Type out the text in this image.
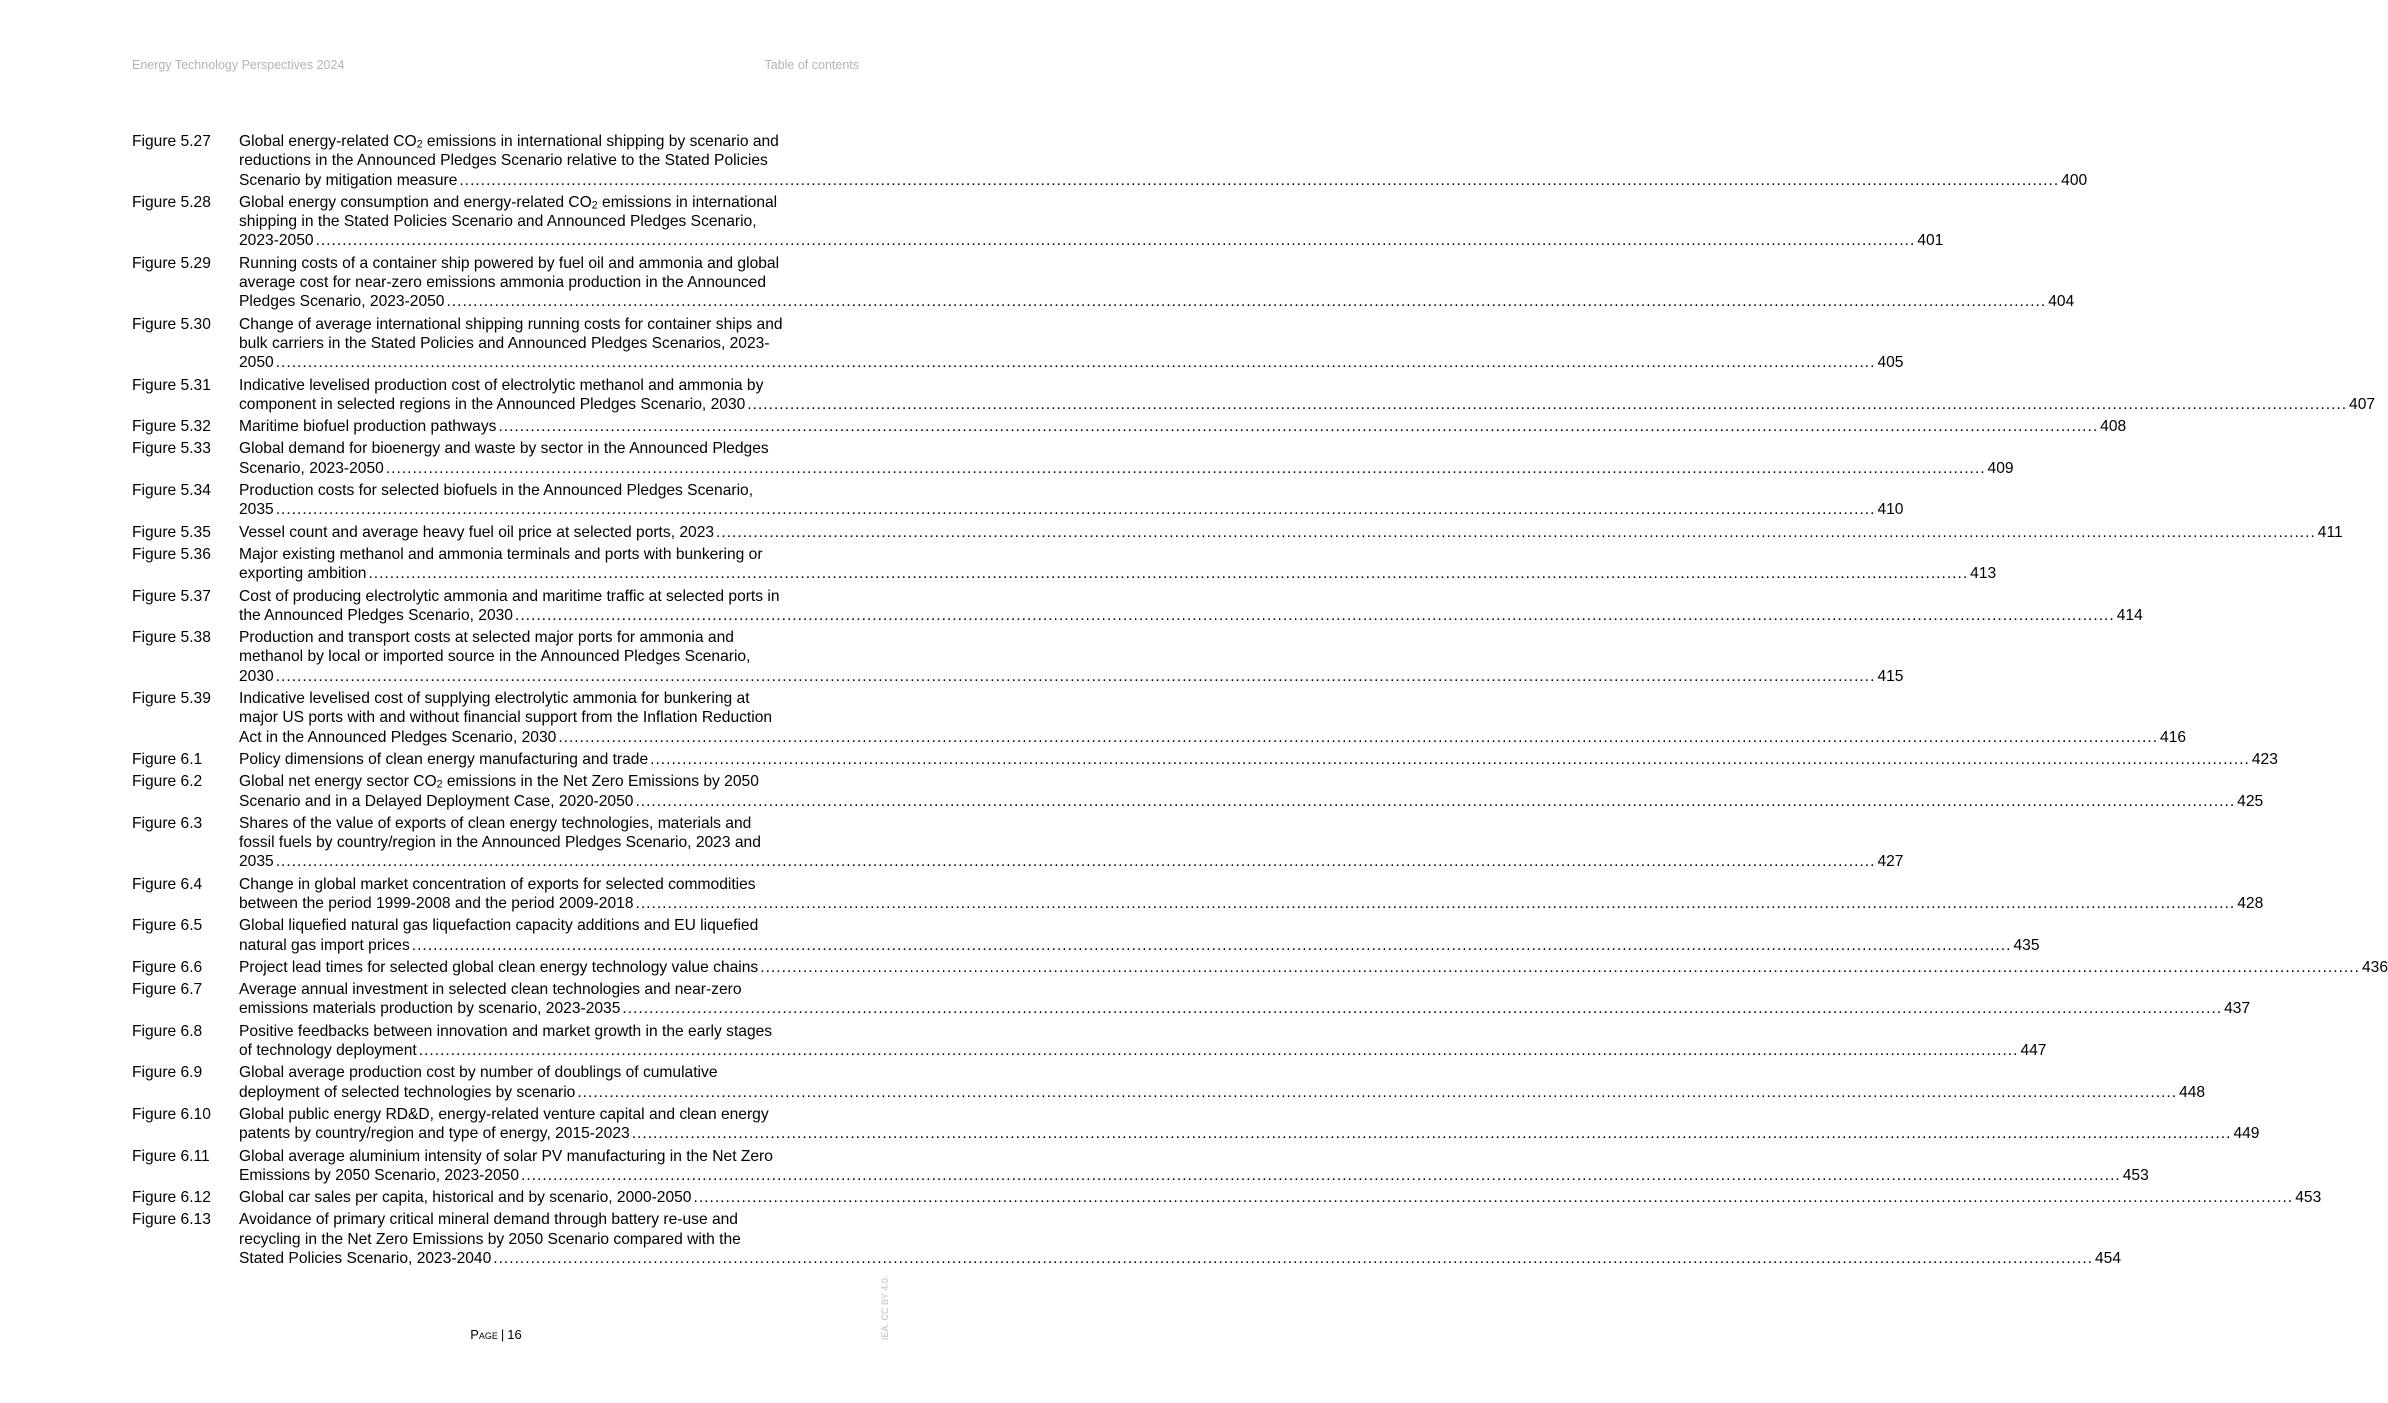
Energy Technology Perspectives 2024	Table of contents
Figure 5.27	Global energy-related $CO_2$ emissions in international shipping by scenario and
reductions in the Announced Pledges Scenario relative to the Stated Policies
Scenario by mitigation measure ............................................................................................................................................................................................................................................................................................................ 400
Figure 5.28	Global energy consumption and energy-related $CO_2$ emissions in international
shipping in the Stated Policies Scenario and Announced Pledges Scenario,
2023-2050 ............................................................................................................................................................................................................................................................................................................ 401
Figure 5.29	Running costs of a container ship powered by fuel oil and ammonia and global
average cost for near-zero emissions ammonia production in the Announced
Pledges Scenario, 2023-2050 ............................................................................................................................................................................................................................................................................................................ 404
Figure 5.30	Change of average international shipping running costs for container ships and
bulk carriers in the Stated Policies and Announced Pledges Scenarios, 2023-
2050 ............................................................................................................................................................................................................................................................................................................ 405
Figure 5.31	Indicative levelised production cost of electrolytic methanol and ammonia by
component in selected regions in the Announced Pledges Scenario, 2030 ............................................................................................................................................................................................................................................................................................................ 407
Figure 5.32	Maritime biofuel production pathways ............................................................................................................................................................................................................................................................................................................ 408
Figure 5.33	Global demand for bioenergy and waste by sector in the Announced Pledges
Scenario, 2023-2050 ............................................................................................................................................................................................................................................................................................................ 409
Figure 5.34	Production costs for selected biofuels in the Announced Pledges Scenario,
2035 ............................................................................................................................................................................................................................................................................................................ 410
Figure 5.35	Vessel count and average heavy fuel oil price at selected ports, 2023 ............................................................................................................................................................................................................................................................................................................ 411
Figure 5.36	Major existing methanol and ammonia terminals and ports with bunkering or
exporting ambition ............................................................................................................................................................................................................................................................................................................ 413
Figure 5.37	Cost of producing electrolytic ammonia and maritime traffic at selected ports in
the Announced Pledges Scenario, 2030 ............................................................................................................................................................................................................................................................................................................ 414
Figure 5.38	Production and transport costs at selected major ports for ammonia and
methanol by local or imported source in the Announced Pledges Scenario,
2030 ............................................................................................................................................................................................................................................................................................................ 415
Figure 5.39	Indicative levelised cost of supplying electrolytic ammonia for bunkering at
major US ports with and without financial support from the Inflation Reduction
Act in the Announced Pledges Scenario, 2030 ............................................................................................................................................................................................................................................................................................................ 416
Figure 6.1	Policy dimensions of clean energy manufacturing and trade ............................................................................................................................................................................................................................................................................................................ 423
Figure 6.2	Global net energy sector $CO_2$ emissions in the Net Zero Emissions by 2050
Scenario and in a Delayed Deployment Case, 2020-2050 ............................................................................................................................................................................................................................................................................................................ 425
Figure 6.3	Shares of the value of exports of clean energy technologies, materials and
fossil fuels by country/region in the Announced Pledges Scenario, 2023 and
2035 ............................................................................................................................................................................................................................................................................................................ 427
Figure 6.4	Change in global market concentration of exports for selected commodities
between the period 1999-2008 and the period 2009-2018 ............................................................................................................................................................................................................................................................................................................ 428
Figure 6.5	Global liquefied natural gas liquefaction capacity additions and EU liquefied
natural gas import prices ............................................................................................................................................................................................................................................................................................................ 435
Figure 6.6	Project lead times for selected global clean energy technology value chains ............................................................................................................................................................................................................................................................................................................ 436
Figure 6.7	Average annual investment in selected clean technologies and near-zero
emissions materials production by scenario, 2023-2035 ............................................................................................................................................................................................................................................................................................................ 437
Figure 6.8	Positive feedbacks between innovation and market growth in the early stages
of technology deployment ............................................................................................................................................................................................................................................................................................................ 447
Figure 6.9	Global average production cost by number of doublings of cumulative
deployment of selected technologies by scenario ............................................................................................................................................................................................................................................................................................................ 448
Figure 6.10	Global public energy RD&D, energy-related venture capital and clean energy
patents by country/region and type of energy, 2015-2023 ............................................................................................................................................................................................................................................................................................................ 449
Figure 6.11	Global average aluminium intensity of solar PV manufacturing in the Net Zero
Emissions by 2050 Scenario, 2023-2050 ............................................................................................................................................................................................................................................................................................................ 453
Figure 6.12	Global car sales per capita, historical and by scenario, 2000-2050 ............................................................................................................................................................................................................................................................................................................ 453
Figure 6.13	Avoidance of primary critical mineral demand through battery re-use and
recycling in the Net Zero Emissions by 2050 Scenario compared with the
Stated Policies Scenario, 2023-2040 ............................................................................................................................................................................................................................................................................................................ 454
Page | 16	IEA. CC BY 4.0.
